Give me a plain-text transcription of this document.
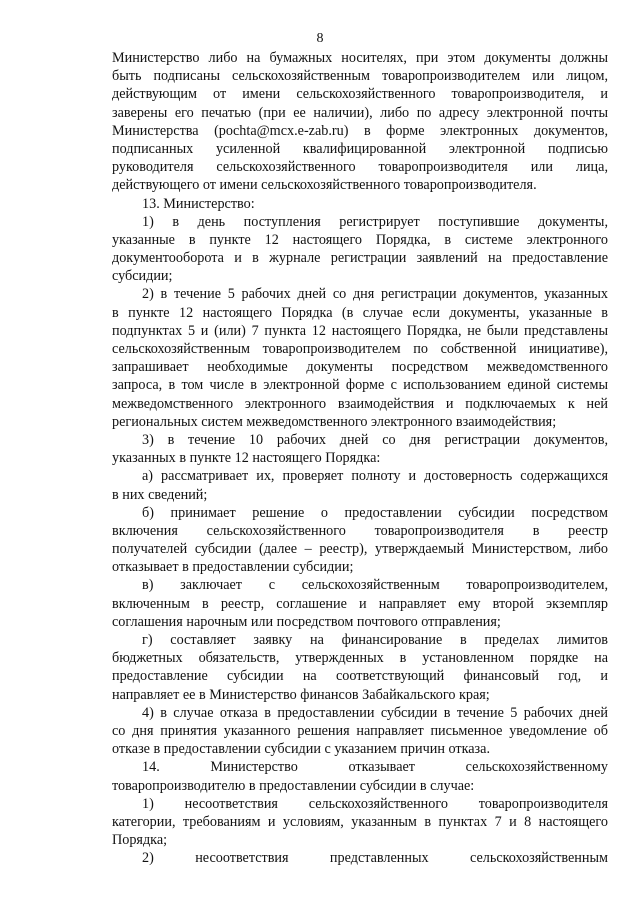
8
Министерство либо на бумажных носителях, при этом документы должны
быть подписаны сельскохозяйственным товаропроизводителем или лицом,
действующим от имени сельскохозяйственного товаропроизводителя, и
заверены его печатью (при ее наличии), либо по адресу электронной почты
Министерства (pochta@mcx.e-zab.ru) в форме электронных документов,
подписанных усиленной квалифицированной электронной подписью
руководителя сельскохозяйственного товаропроизводителя или лица,
действующего от имени сельскохозяйственного товаропроизводителя.
13. Министерство:
1) в день поступления регистрирует поступившие документы,
указанные в пункте 12 настоящего Порядка, в системе электронного
документооборота и в журнале регистрации заявлений на предоставление
субсидии;
2) в течение 5 рабочих дней со дня регистрации документов, указанных
в пункте 12 настоящего Порядка (в случае если документы, указанные в
подпунктах 5 и (или) 7 пункта 12 настоящего Порядка, не были представлены
сельскохозяйственным товаропроизводителем по собственной инициативе),
запрашивает необходимые документы посредством межведомственного
запроса, в том числе в электронной форме с использованием единой системы
межведомственного электронного взаимодействия и подключаемых к ней
региональных систем межведомственного электронного взаимодействия;
3) в течение 10 рабочих дней со дня регистрации документов,
указанных в пункте 12 настоящего Порядка:
а) рассматривает их, проверяет полноту и достоверность содержащихся
в них сведений;
б) принимает решение о предоставлении субсидии посредством
включения сельскохозяйственного товаропроизводителя в реестр
получателей субсидии (далее – реестр), утверждаемый Министерством, либо
отказывает в предоставлении субсидии;
в) заключает с сельскохозяйственным товаропроизводителем,
включенным в реестр, соглашение и направляет ему второй экземпляр
соглашения нарочным или посредством почтового отправления;
г) составляет заявку на финансирование в пределах лимитов
бюджетных обязательств, утвержденных в установленном порядке на
предоставление субсидии на соответствующий финансовый год, и
направляет ее в Министерство финансов Забайкальского края;
4) в случае отказа в предоставлении субсидии в течение 5 рабочих дней
со дня принятия указанного решения направляет письменное уведомление об
отказе в предоставлении субсидии с указанием причин отказа.
14. Министерство отказывает сельскохозяйственному
товаропроизводителю в предоставлении субсидии в случае:
1) несоответствия сельскохозяйственного товаропроизводителя
категории, требованиям и условиям, указанным в пунктах 7 и 8 настоящего
Порядка;
2) несоответствия представленных сельскохозяйственным
